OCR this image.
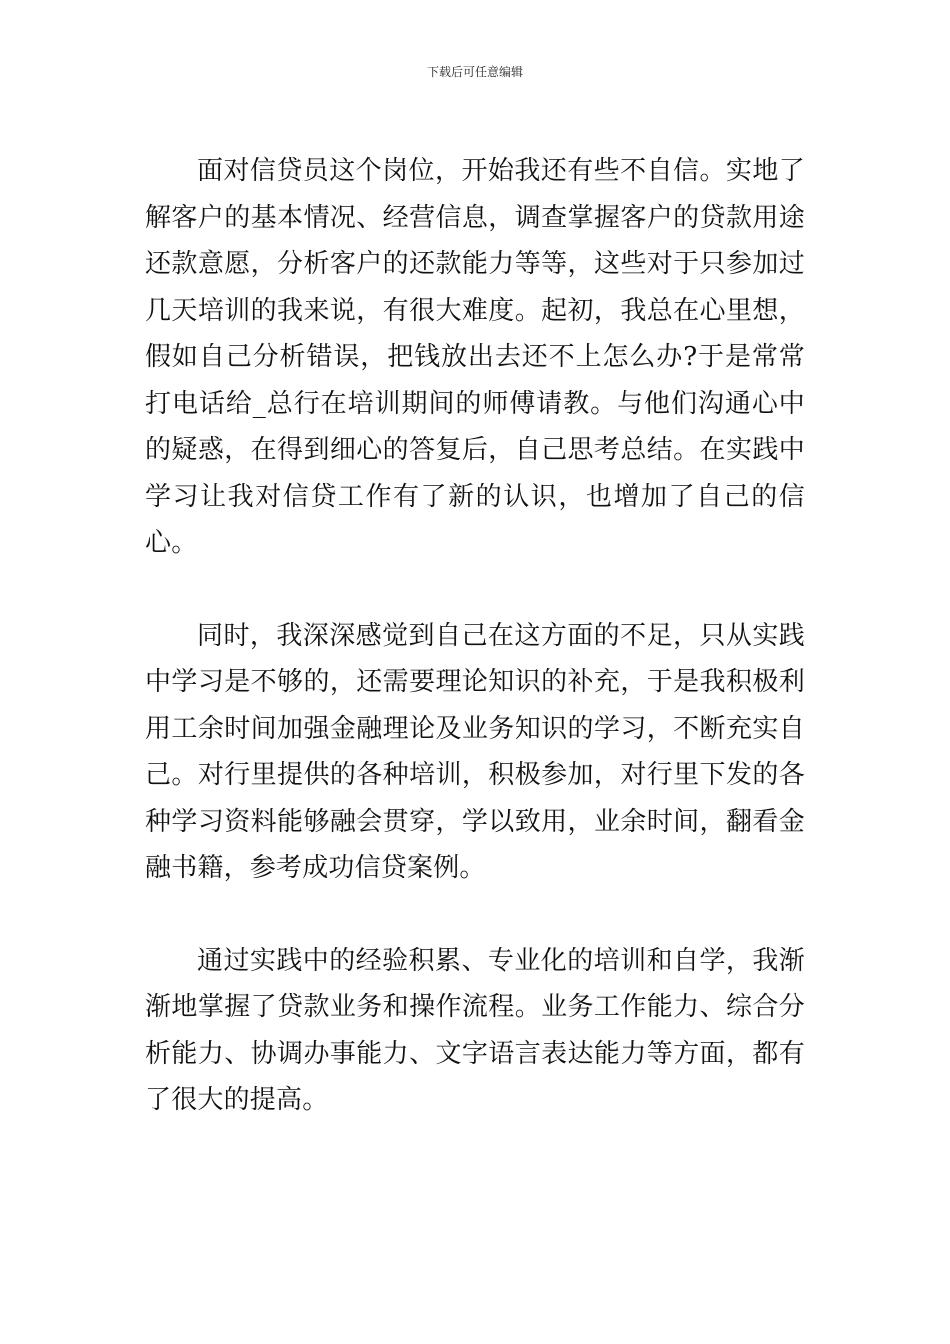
下载后可任意编辑

面对信贷员这个岗位，开始我还有些不自信。实地了解客户的基本情况、经营信息，调查掌握客户的贷款用途还款意愿，分析客户的还款能力等等，这些对于只参加过几天培训的我来说，有很大难度。起初，我总在心里想，假如自己分析错误，把钱放出去还不上怎么办?于是常常打电话给_总行在培训期间的师傅请教。与他们沟通心中的疑惑，在得到细心的答复后，自己思考总结。在实践中学习让我对信贷工作有了新的认识，也增加了自己的信心。

同时，我深深感觉到自己在这方面的不足，只从实践中学习是不够的，还需要理论知识的补充，于是我积极利用工余时间加强金融理论及业务知识的学习，不断充实自己。对行里提供的各种培训，积极参加，对行里下发的各种学习资料能够融会贯穿，学以致用，业余时间，翻看金融书籍，参考成功信贷案例。

通过实践中的经验积累、专业化的培训和自学，我渐渐地掌握了贷款业务和操作流程。业务工作能力、综合分析能力、协调办事能力、文字语言表达能力等方面，都有了很大的提高。
